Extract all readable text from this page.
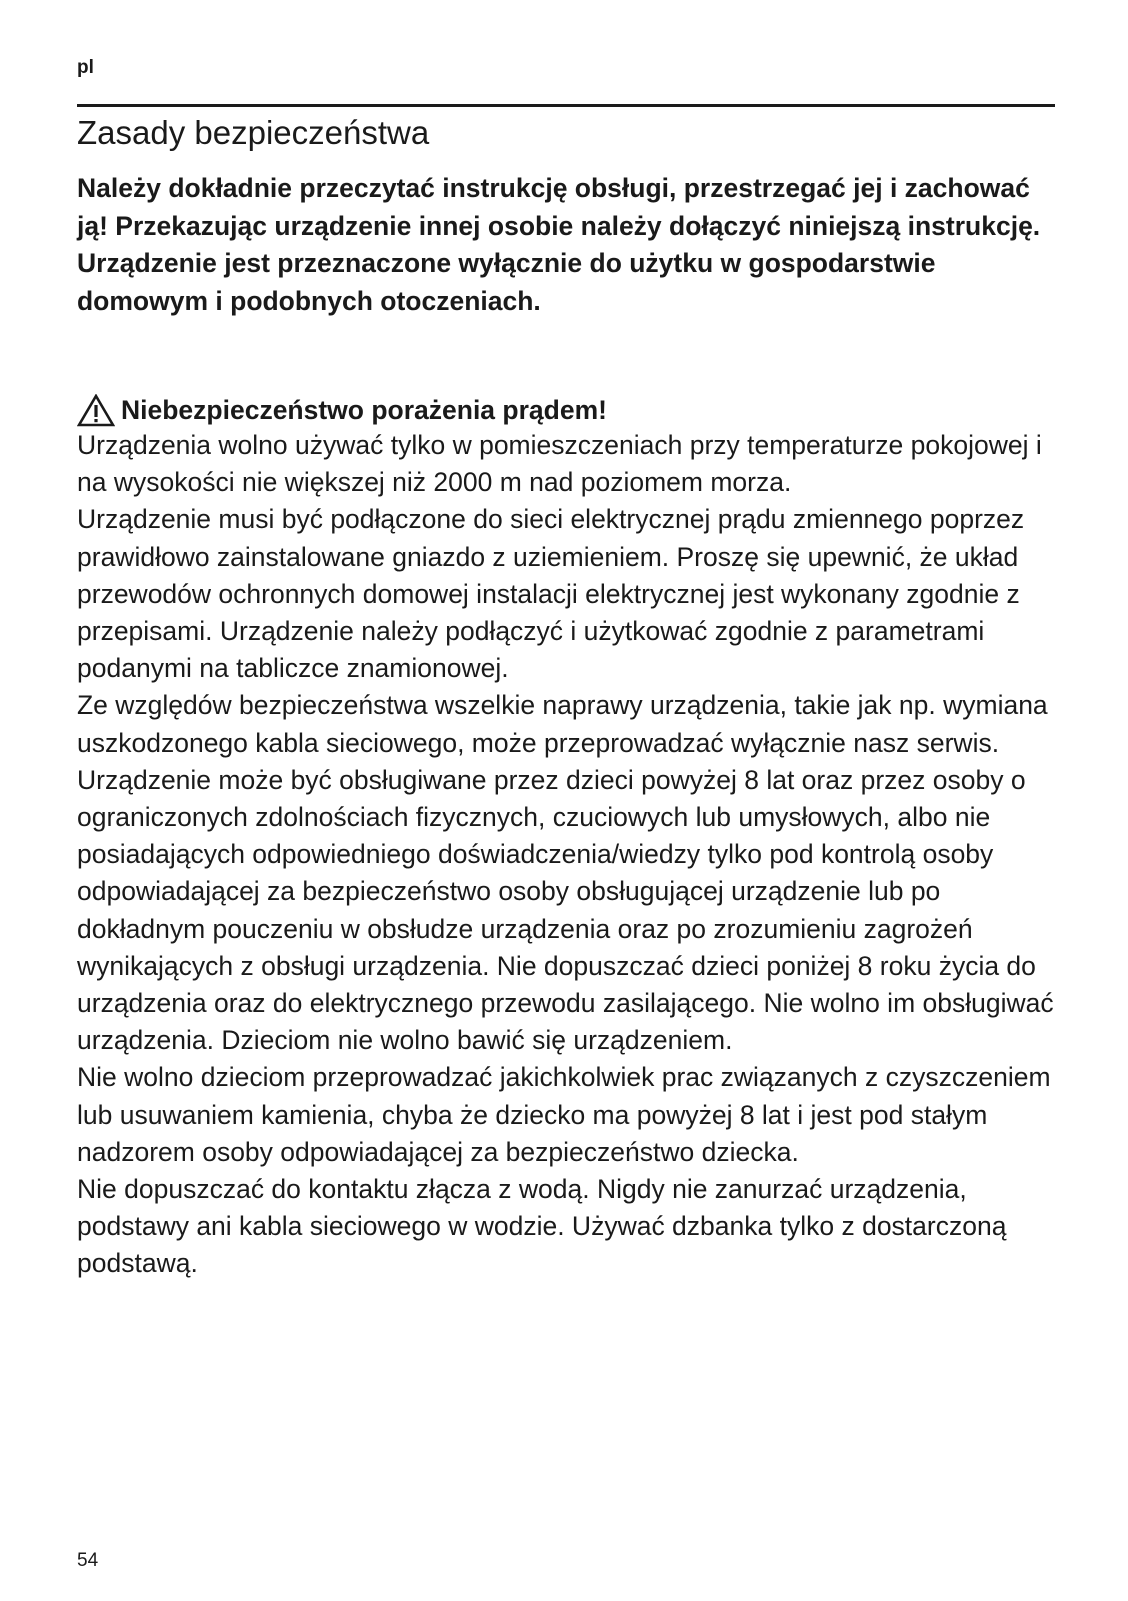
pl
Zasady bezpieczeństwa

Należy dokładnie przeczytać instrukcję obsługi, przestrzegać jej i zachować ją! Przekazując urządzenie innej osobie należy dołączyć niniejszą instrukcję. Urządzenie jest przeznaczone wyłącznie do użytku w gospodarstwie domowym i podobnych otoczeniach.

Niebezpieczeństwo porażenia prądem!

Urządzenia wolno używać tylko w pomieszczeniach przy temperaturze pokojowej i na wysokości nie większej niż 2000 m nad poziomem morza.

Urządzenie musi być podłączone do sieci elektrycznej prądu zmiennego poprzez prawidłowo zainstalowane gniazdo z uziemieniem. Proszę się upewnić, że układ przewodów ochronnych domowej instalacji elektrycznej jest wykonany zgodnie z przepisami. Urządzenie należy podłączyć i użytkować zgodnie z parametrami podanymi na tabliczce znamionowej.

Ze względów bezpieczeństwa wszelkie naprawy urządzenia, takie jak np. wymiana uszkodzonego kabla sieciowego, może przeprowadzać wyłącznie nasz serwis.

Urządzenie może być obsługiwane przez dzieci powyżej 8 lat oraz przez osoby o ograniczonych zdolnościach fizycznych, czuciowych lub umysłowych, albo nie posiadających odpowiedniego doświadczenia/wiedzy tylko pod kontrolą osoby odpowiadającej za bezpieczeństwo osoby obsługującej urządzenie lub po dokładnym pouczeniu w obsłudze urządzenia oraz po zrozumieniu zagrożeń wynikających z obsługi urządzenia. Nie dopuszczać dzieci poniżej 8 roku życia do urządzenia oraz do elektrycznego przewodu zasilającego. Nie wolno im obsługiwać urządzenia. Dzieciom nie wolno bawić się urządzeniem.

Nie wolno dzieciom przeprowadzać jakichkolwiek prac związanych z czyszczeniem lub usuwaniem kamienia, chyba że dziecko ma powyżej 8 lat i jest pod stałym nadzorem osoby odpowiadającej za bezpieczeństwo dziecka.

Nie dopuszczać do kontaktu złącza z wodą. Nigdy nie zanurzać urządzenia, podstawy ani kabla sieciowego w wodzie. Używać dzbanka tylko z dostarczoną podstawą.

54
